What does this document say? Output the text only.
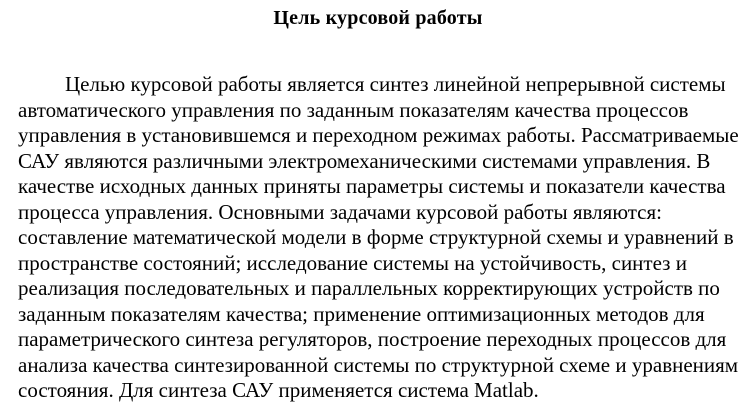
Цель курсовой работы
Целью курсовой работы является синтез линейной непрерывной системы
автоматического управления по заданным показателям качества процессов
управления в установившемся и переходном режимах работы. Рассматриваемые
САУ являются различными электромеханическими системами управления. В
качестве исходных данных приняты параметры системы и показатели качества
процесса управления. Основными задачами курсовой работы являются:
составление математической модели в форме структурной схемы и уравнений в
пространстве состояний; исследование системы на устойчивость, синтез и
реализация последовательных и параллельных корректирующих устройств по
заданным показателям качества; применение оптимизационных методов для
параметрического синтеза регуляторов, построение переходных процессов для
анализа качества синтезированной системы по структурной схеме и уравнениям
состояния. Для синтеза САУ применяется система Matlab.
